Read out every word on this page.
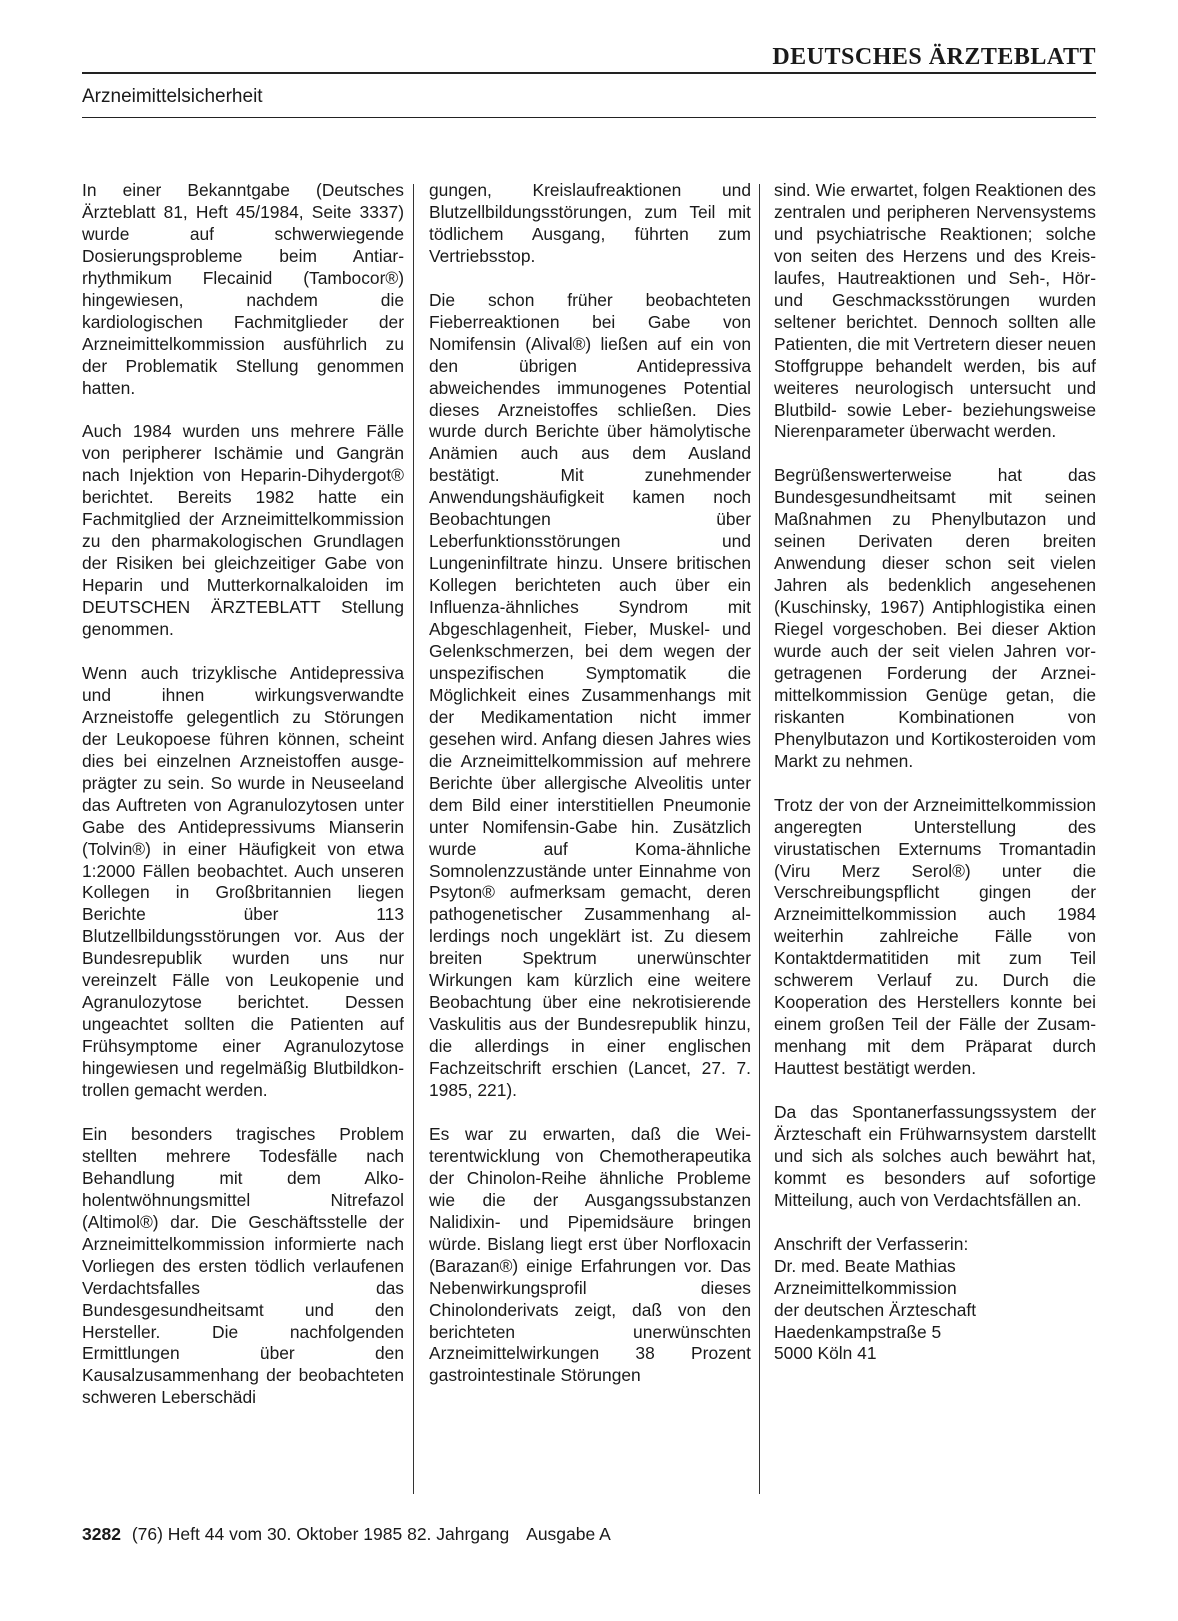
DEUTSCHES ÄRZTEBLATT
Arzneimittelsicherheit

In einer Bekanntgabe (Deutsches Ärzteblatt 81, Heft 45/1984, Seite 3337) wurde auf schwerwiegende Dosierungsprobleme beim Antiarrhythmikum Flecainid (Tambocor®) hingewiesen, nachdem die kardiologischen Fachmitglieder der Arzneimittelkommission ausführlich zu der Problematik Stellung genommen hatten.

Auch 1984 wurden uns mehrere Fälle von peripherer Ischämie und Gangrän nach Injektion von Heparin-Dihydergot® berichtet. Bereits 1982 hatte ein Fachmitglied der Arzneimittelkommission zu den pharmakologischen Grundlagen der Risiken bei gleichzeitiger Gabe von Heparin und Mutterkornalkaloiden im DEUTSCHEN ÄRZTEBLATT Stellung genommen.

Wenn auch trizyklische Antidepressiva und ihnen wirkungsverwandte Arzneistoffe gelegentlich zu Störungen der Leukopoese führen können, scheint dies bei einzelnen Arzneistoffen ausgeprägter zu sein. So wurde in Neuseeland das Auftreten von Agranulozytosen unter Gabe des Antidepressivums Mianserin (Tolvin®) in einer Häufigkeit von etwa 1:2000 Fällen beobachtet. Auch unseren Kollegen in Großbritannien liegen Berichte über 113 Blutzellbildungsstörungen vor. Aus der Bundesrepublik wurden uns nur vereinzelt Fälle von Leukopenie und Agranulozytose berichtet. Dessen ungeachtet sollten die Patienten auf Frühsymptome einer Agranulozytose hingewiesen und regelmäßig Blutbildkontrollen gemacht werden.

Ein besonders tragisches Problem stellten mehrere Todesfälle nach Behandlung mit dem Alkoholentwöhnungsmittel Nitrefazol (Altimol®) dar. Die Geschäftsstelle der Arzneimittelkommission informierte nach Vorliegen des ersten tödlich verlaufenen Verdachtsfalles das Bundesgesundheitsamt und den Hersteller. Die nachfolgenden Ermittlungen über den Kausalzusammenhang der beobachteten schweren Leberschädi

gungen, Kreislaufreaktionen und Blutzellbildungsstörungen, zum Teil mit tödlichem Ausgang, führten zum Vertriebsstop.

Die schon früher beobachteten Fieberreaktionen bei Gabe von Nomifensin (Alival®) ließen auf ein von den übrigen Antidepressiva abweichendes immunogenes Potential dieses Arzneistoffes schließen. Dies wurde durch Berichte über hämolytische Anämien auch aus dem Ausland bestätigt. Mit zunehmender Anwendungshäufigkeit kamen noch Beobachtungen über Leberfunktionsstörungen und Lungeninfiltrate hinzu. Unsere britischen Kollegen berichteten auch über ein Influenza-ähnliches Syndrom mit Abgeschlagenheit, Fieber, Muskel- und Gelenkschmerzen, bei dem wegen der unspezifischen Symptomatik die Möglichkeit eines Zusammenhangs mit der Medikamentation nicht immer gesehen wird. Anfang diesen Jahres wies die Arzneimittelkommission auf mehrere Berichte über allergische Alveolitis unter dem Bild einer interstitiellen Pneumonie unter Nomifensin-Gabe hin. Zusätzlich wurde auf Koma-ähnliche Somnolenzzustände unter Einnahme von Psyton® aufmerksam gemacht, deren pathogenetischer Zusammenhang allerdings noch ungeklärt ist. Zu diesem breiten Spektrum unerwünschter Wirkungen kam kürzlich eine weitere Beobachtung über eine nekrotisierende Vaskulitis aus der Bundesrepublik hinzu, die allerdings in einer englischen Fachzeitschrift erschien (Lancet, 27. 7. 1985, 221).

Es war zu erwarten, daß die Weiterentwicklung von Chemotherapeutika der Chinolon-Reihe ähnliche Probleme wie die der Ausgangssubstanzen Nalidixin- und Pipemidsäure bringen würde. Bislang liegt erst über Norfloxacin (Barazan®) einige Erfahrungen vor. Das Nebenwirkungsprofil dieses Chinolonderivats zeigt, daß von den berichteten unerwünschten Arzneimittelwirkungen 38 Prozent gastrointestinale Störungen

sind. Wie erwartet, folgen Reaktionen des zentralen und peripheren Nervensystems und psychiatrische Reaktionen; solche von seiten des Herzens und des Kreislaufes, Hautreaktionen und Seh-, Hör- und Geschmacksstörungen wurden seltener berichtet. Dennoch sollten alle Patienten, die mit Vertretern dieser neuen Stoffgruppe behandelt werden, bis auf weiteres neurologisch untersucht und Blutbild- sowie Leber- beziehungsweise Nierenparameter überwacht werden.

Begrüßenswerterweise hat das Bundesgesundheitsamt mit seinen Maßnahmen zu Phenylbutazon und seinen Derivaten deren breiten Anwendung dieser schon seit vielen Jahren als bedenklich angesehenen (Kuschinsky, 1967) Antiphlogistika einen Riegel vorgeschoben. Bei dieser Aktion wurde auch der seit vielen Jahren vorgetragenen Forderung der Arzneimittelkommission Genüge getan, die riskanten Kombinationen von Phenylbutazon und Kortikosteroiden vom Markt zu nehmen.

Trotz der von der Arzneimittelkommission angeregten Unterstellung des virustatischen Externums Tromantadin (Viru Merz Serol®) unter die Verschreibungspflicht gingen der Arzneimittelkommission auch 1984 weiterhin zahlreiche Fälle von Kontaktdermatitiden mit zum Teil schwerem Verlauf zu. Durch die Kooperation des Herstellers konnte bei einem großen Teil der Fälle der Zusammenhang mit dem Präparat durch Hauttest bestätigt werden.

Da das Spontanerfassungssystem der Ärzteschaft ein Frühwarnsystem darstellt und sich als solches auch bewährt hat, kommt es besonders auf sofortige Mitteilung, auch von Verdachtsfällen an.

Anschrift der Verfasserin:
Dr. med. Beate Mathias
Arzneimittelkommission
der deutschen Ärzteschaft
Haedenkampstraße 5
5000 Köln 41

3282 (76) Heft 44 vom 30. Oktober 1985 82. Jahrgang Ausgabe A
